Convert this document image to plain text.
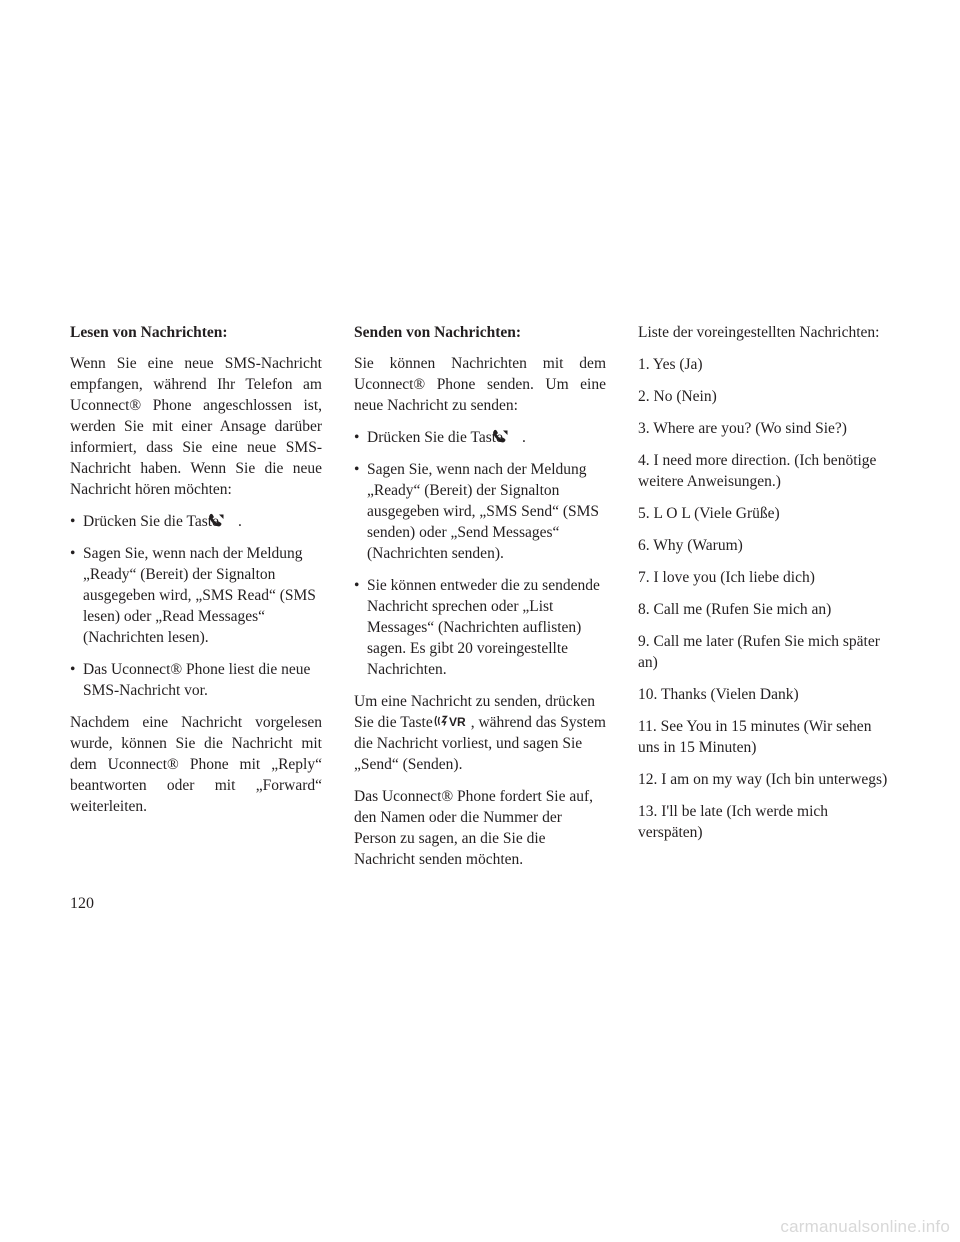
Lesen von Nachrichten:

Wenn Sie eine neue SMS-Nachricht empfangen, während Ihr Telefon am Uconnect® Phone angeschlossen ist, werden Sie mit einer Ansage darüber informiert, dass Sie eine neue SMS-Nachricht haben. Wenn Sie die neue Nachricht hören möchten:

• Drücken Sie die Taste .

• Sagen Sie, wenn nach der Meldung „Ready“ (Bereit) der Signalton ausgegeben wird, „SMS Read“ (SMS lesen) oder „Read Messages“ (Nachrichten lesen).

• Das Uconnect® Phone liest die neue SMS-Nachricht vor.

Nachdem eine Nachricht vorgelesen wurde, können Sie die Nachricht mit dem Uconnect® Phone mit „Reply“ beantworten oder mit „Forward“ weiterleiten.

Senden von Nachrichten:

Sie können Nachrichten mit dem Uconnect® Phone senden. Um eine neue Nachricht zu senden:

• Drücken Sie die Taste .

• Sagen Sie, wenn nach der Meldung „Ready“ (Bereit) der Signalton ausgegeben wird, „SMS Send“ (SMS senden) oder „Send Messages“ (Nachrichten senden).

• Sie können entweder die zu sendende Nachricht sprechen oder „List Messages“ (Nachrichten auflisten) sagen. Es gibt 20 voreingestellte Nachrichten.

Um eine Nachricht zu senden, drücken Sie die Taste VR , während das System die Nachricht vorliest, und sagen Sie „Send“ (Senden).

Das Uconnect® Phone fordert Sie auf, den Namen oder die Nummer der Person zu sagen, an die Sie die Nachricht senden möchten.

Liste der voreingestellten Nachrichten:

1. Yes (Ja)

2. No (Nein)

3. Where are you? (Wo sind Sie?)

4. I need more direction. (Ich benötige weitere Anweisungen.)

5. L O L (Viele Grüße)

6. Why (Warum)

7. I love you (Ich liebe dich)

8. Call me (Rufen Sie mich an)

9. Call me later (Rufen Sie mich später an)

10. Thanks (Vielen Dank)

11. See You in 15 minutes (Wir sehen uns in 15 Minuten)

12. I am on my way (Ich bin unterwegs)

13. I'll be late (Ich werde mich verspäten)

120
carmanualsonline.info
